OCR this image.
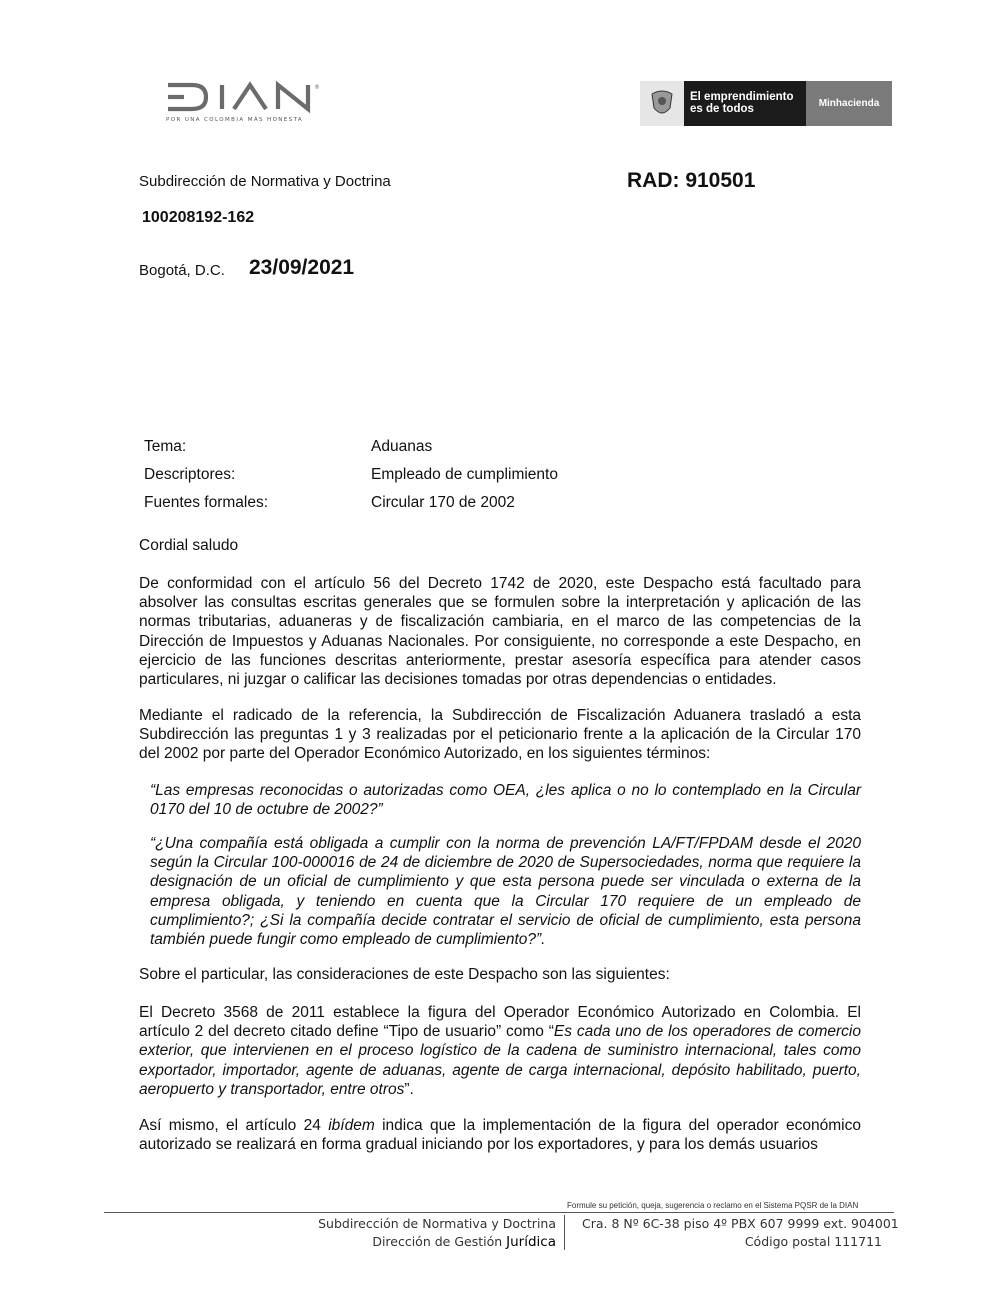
®
POR UNA COLOMBIA MÁS HONESTA
El emprendimiento
es de todos	Minhacienda
Subdirección de Normativa y Doctrina	RAD: 910501
100208192-162
Bogotá, D.C. 23/09/2021
Tema:	Aduanas
Descriptores:	Empleado de cumplimiento
Fuentes formales:	Circular 170 de 2002
Cordial saludo
De conformidad con el artículo 56 del Decreto 1742 de 2020, este Despacho está facultado para absolver las consultas escritas generales que se formulen sobre la interpretación y aplicación de las normas tributarias, aduaneras y de fiscalización cambiaria, en el marco de las competencias de la Dirección de Impuestos y Aduanas Nacionales. Por consiguiente, no corresponde a este Despacho, en ejercicio de las funciones descritas anteriormente, prestar asesoría específica para atender casos particulares, ni juzgar o calificar las decisiones tomadas por otras dependencias o entidades.
Mediante el radicado de la referencia, la Subdirección de Fiscalización Aduanera trasladó a esta Subdirección las preguntas 1 y 3 realizadas por el peticionario frente a la aplicación de la Circular 170 del 2002 por parte del Operador Económico Autorizado, en los siguientes términos:
“Las empresas reconocidas o autorizadas como OEA, ¿les aplica o no lo contemplado en la Circular 0170 del 10 de octubre de 2002?”
“¿Una compañía está obligada a cumplir con la norma de prevención LA/FT/FPDAM desde el 2020 según la Circular 100-000016 de 24 de diciembre de 2020 de Supersociedades, norma que requiere la designación de un oficial de cumplimiento y que esta persona puede ser vinculada o externa de la empresa obligada, y teniendo en cuenta que la Circular 170 requiere de un empleado de cumplimiento?; ¿Si la compañía decide contratar el servicio de oficial de cumplimiento, esta persona también puede fungir como empleado de cumplimiento?”.
Sobre el particular, las consideraciones de este Despacho son las siguientes:
El Decreto 3568 de 2011 establece la figura del Operador Económico Autorizado en Colombia. El artículo 2 del decreto citado define “Tipo de usuario” como “Es cada uno de los operadores de comercio exterior, que intervienen en el proceso logístico de la cadena de suministro internacional, tales como exportador, importador, agente de aduanas, agente de carga internacional, depósito habilitado, puerto, aeropuerto y transportador, entre otros”.
Así mismo, el artículo 24 ibídem indica que la implementación de la figura del operador económico autorizado se realizará en forma gradual iniciando por los exportadores, y para los demás usuarios
Formule su petición, queja, sugerencia o reclamo en el Sistema PQSR de la DIAN
Subdirección de Normativa y Doctrina
Dirección de Gestión Jurídica
Cra. 8 Nº 6C-38 piso 4º PBX 607 9999 ext. 904001
Código postal 111711
